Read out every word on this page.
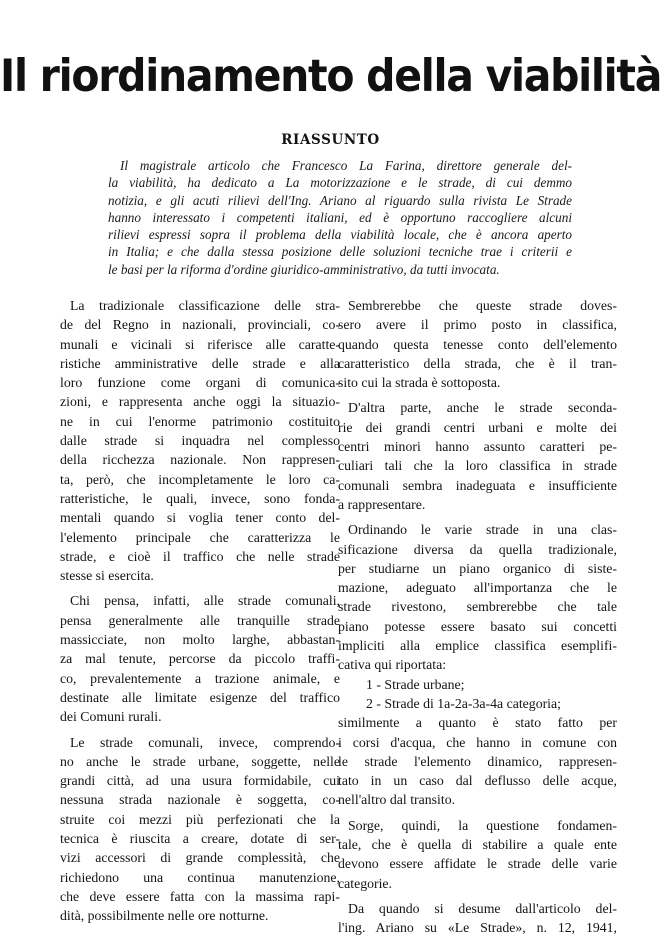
Il riordinamento della viabilità
RIASSUNTO
Il magistrale articolo che Francesco La Farina, direttore generale del-
la viabilità, ha dedicato a La motorizzazione e le strade, di cui demmo
notizia, e gli acuti rilievi dell'Ing. Ariano al riguardo sulla rivista Le Strade
hanno interessato i competenti italiani, ed è opportuno raccogliere alcuni
rilievi espressi sopra il problema della viabilità locale, che è ancora aperto
in Italia; e che dalla stessa posizione delle soluzioni tecniche trae i criterii e
le basi per la riforma d'ordine giuridico-amministrativo, da tutti invocata.
La tradizionale classificazione delle stra-
de del Regno in nazionali, provinciali, co-
munali e vicinali si riferisce alle caratte-
ristiche amministrative delle strade e alla
loro funzione come organi di comunica-
zioni, e rappresenta anche oggi la situazio-
ne in cui l'enorme patrimonio costituito
dalle strade si inquadra nel complesso
della ricchezza nazionale. Non rappresen-
ta, però, che incompletamente le loro ca-
ratteristiche, le quali, invece, sono fonda-
mentali quando si voglia tener conto del-
l'elemento principale che caratterizza le
strade, e cioè il traffico che nelle strade
stesse si esercita.
Chi pensa, infatti, alle strade comunali,
pensa generalmente alle tranquille strade
massicciate, non molto larghe, abbastan-
za mal tenute, percorse da piccolo traffi-
co, prevalentemente a trazione animale, e
destinate alle limitate esigenze del traffico
dei Comuni rurali.
Le strade comunali, invece, comprendo-
no anche le strade urbane, soggette, nelle
grandi città, ad una usura formidabile, cui
nessuna strada nazionale è soggetta, co-
struite coi mezzi più perfezionati che la
tecnica è riuscita a creare, dotate di ser-
vizi accessori di grande complessità, che
richiedono una continua manutenzione,
che deve essere fatta con la massima rapi-
dità, possibilmente nelle ore notturne.
Sembrerebbe che queste strade doves-
sero avere il primo posto in classifica,
quando questa tenesse conto dell'elemento
caratteristico della strada, che è il tran-
sito cui la strada è sottoposta.
D'altra parte, anche le strade seconda-
rie dei grandi centri urbani e molte dei
centri minori hanno assunto caratteri pe-
culiari tali che la loro classifica in strade
comunali sembra inadeguata e insufficiente
a rappresentare.
Ordinando le varie strade in una clas-
sificazione diversa da quella tradizionale,
per studiarne un piano organico di siste-
mazione, adeguato all'importanza che le
strade rivestono, sembrerebbe che tale
piano potesse essere basato sui concetti
impliciti alla emplice classifica esemplifi-
cativa qui riportata:
1 - Strade urbane;
2 - Strade di 1a-2a-3a-4a categoria;
similmente a quanto è stato fatto per
i corsi d'acqua, che hanno in comune con
le strade l'elemento dinamico, rappresen-
tato in un caso dal deflusso delle acque,
nell'altro dal transito.
Sorge, quindi, la questione fondamen-
tale, che è quella di stabilire a quale ente
devono essere affidate le strade delle varie
categorie.
Da quando si desume dall'articolo del-
l'ing. Ariano su «Le Strade», n. 12, 1941,
